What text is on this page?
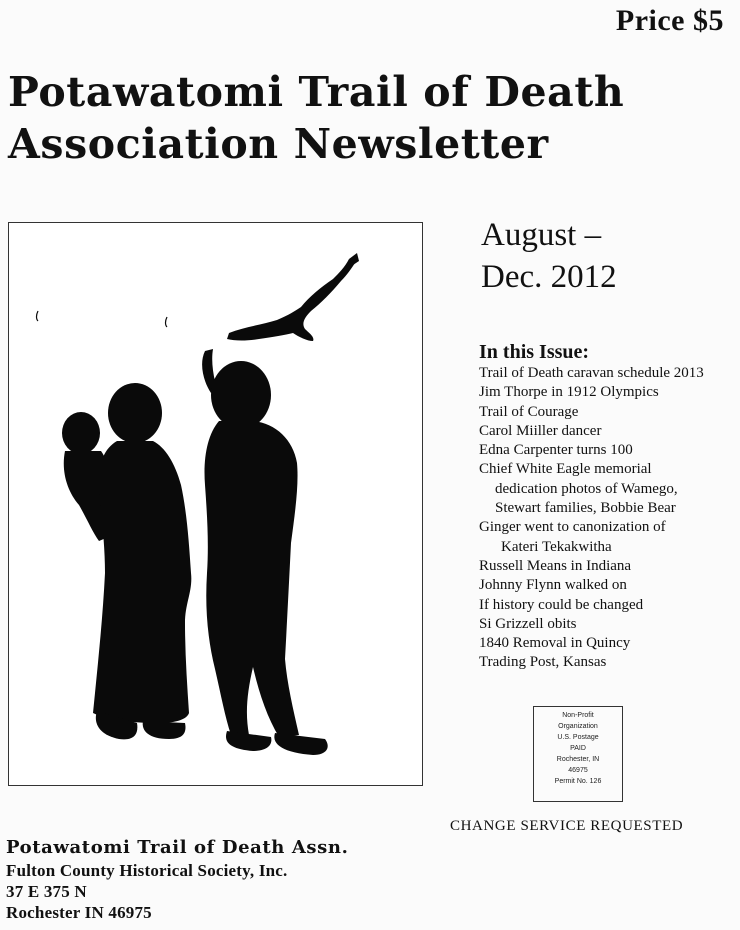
Price $5
Potawatomi Trail of Death
Association Newsletter
August –
Dec. 2012
In this Issue:
Trail of Death caravan schedule 2013
Jim Thorpe in 1912 Olympics
Trail of Courage
Carol Miiller dancer
Edna Carpenter turns 100
Chief White Eagle memorial
dedication photos of Wamego,
Stewart families, Bobbie Bear
Ginger went to canonization of
Kateri Tekakwitha
Russell Means in Indiana
Johnny Flynn walked on
If history could be changed
Si Grizzell obits
1840 Removal in Quincy
Trading Post, Kansas
Non-Profit
Organization
U.S. Postage
PAID
Rochester, IN
46975
Permit No. 126
CHANGE SERVICE REQUESTED
Potawatomi Trail of Death Assn.
Fulton County Historical Society, Inc.
37 E 375 N
Rochester IN 46975
